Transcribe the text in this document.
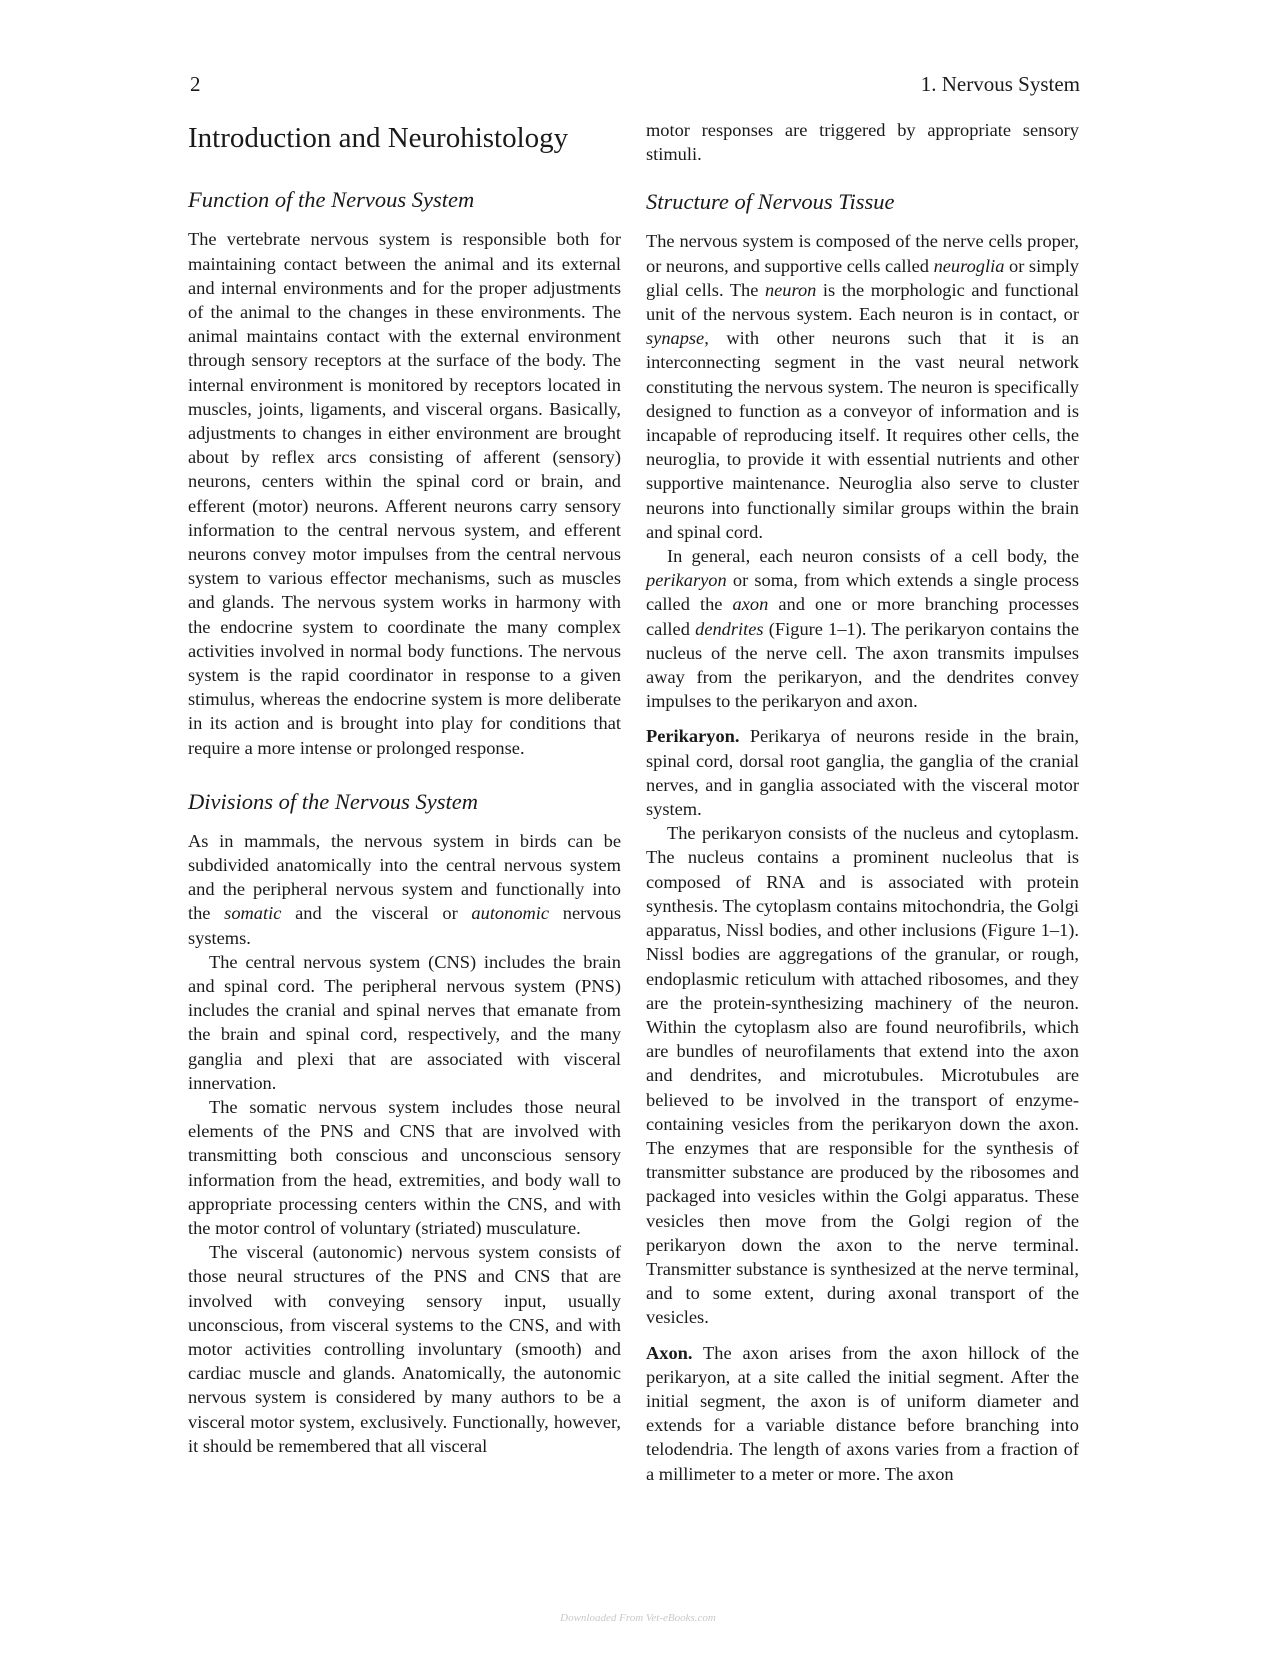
2	1. Nervous System
Introduction and Neurohistology
Function of the Nervous System

The vertebrate nervous system is responsible both for maintaining contact between the animal and its external and internal environments and for the proper adjustments of the animal to the changes in these environments. The animal maintains contact with the external environment through sensory receptors at the surface of the body. The internal environment is monitored by receptors located in muscles, joints, ligaments, and visceral organs. Basically, adjustments to changes in either environment are brought about by reflex arcs consisting of afferent (sensory) neurons, centers within the spinal cord or brain, and efferent (motor) neurons. Afferent neurons carry sensory information to the central nervous system, and efferent neurons convey motor impulses from the central nervous system to various effector mechanisms, such as muscles and glands. The nervous system works in harmony with the endocrine system to coordinate the many complex activities involved in normal body functions. The nervous system is the rapid coordinator in response to a given stimulus, whereas the endocrine system is more deliberate in its action and is brought into play for conditions that require a more intense or prolonged response.

Divisions of the Nervous System

As in mammals, the nervous system in birds can be subdivided anatomically into the central nervous system and the peripheral nervous system and functionally into the somatic and the visceral or autonomic nervous systems.

The central nervous system (CNS) includes the brain and spinal cord. The peripheral nervous system (PNS) includes the cranial and spinal nerves that emanate from the brain and spinal cord, respectively, and the many ganglia and plexi that are associated with visceral innervation.

The somatic nervous system includes those neural elements of the PNS and CNS that are involved with transmitting both conscious and unconscious sensory information from the head, extremities, and body wall to appropriate processing centers within the CNS, and with the motor control of voluntary (striated) musculature.

The visceral (autonomic) nervous system consists of those neural structures of the PNS and CNS that are involved with conveying sensory input, usually unconscious, from visceral systems to the CNS, and with motor activities controlling involuntary (smooth) and cardiac muscle and glands. Anatomically, the autonomic nervous system is considered by many authors to be a visceral motor system, exclusively. Functionally, however, it should be remembered that all visceral

motor responses are triggered by appropriate sensory stimuli.

Structure of Nervous Tissue

The nervous system is composed of the nerve cells proper, or neurons, and supportive cells called neuroglia or simply glial cells. The neuron is the morphologic and functional unit of the nervous system. Each neuron is in contact, or synapse, with other neurons such that it is an interconnecting segment in the vast neural network constituting the nervous system. The neuron is specifically designed to function as a conveyor of information and is incapable of reproducing itself. It requires other cells, the neuroglia, to provide it with essential nutrients and other supportive maintenance. Neuroglia also serve to cluster neurons into functionally similar groups within the brain and spinal cord.

In general, each neuron consists of a cell body, the perikaryon or soma, from which extends a single process called the axon and one or more branching processes called dendrites (Figure 1–1). The perikaryon contains the nucleus of the nerve cell. The axon transmits impulses away from the perikaryon, and the dendrites convey impulses to the perikaryon and axon.

Perikaryon. Perikarya of neurons reside in the brain, spinal cord, dorsal root ganglia, the ganglia of the cranial nerves, and in ganglia associated with the visceral motor system.

The perikaryon consists of the nucleus and cytoplasm. The nucleus contains a prominent nucleolus that is composed of RNA and is associated with protein synthesis. The cytoplasm contains mitochondria, the Golgi apparatus, Nissl bodies, and other inclusions (Figure 1–1). Nissl bodies are aggregations of the granular, or rough, endoplasmic reticulum with attached ribosomes, and they are the protein-synthesizing machinery of the neuron. Within the cytoplasm also are found neurofibrils, which are bundles of neurofilaments that extend into the axon and dendrites, and microtubules. Microtubules are believed to be involved in the transport of enzyme-containing vesicles from the perikaryon down the axon. The enzymes that are responsible for the synthesis of transmitter substance are produced by the ribosomes and packaged into vesicles within the Golgi apparatus. These vesicles then move from the Golgi region of the perikaryon down the axon to the nerve terminal. Transmitter substance is synthesized at the nerve terminal, and to some extent, during axonal transport of the vesicles.

Axon. The axon arises from the axon hillock of the perikaryon, at a site called the initial segment. After the initial segment, the axon is of uniform diameter and extends for a variable distance before branching into telodendria. The length of axons varies from a fraction of a millimeter to a meter or more. The axon

Downloaded From Vet-eBooks.com
